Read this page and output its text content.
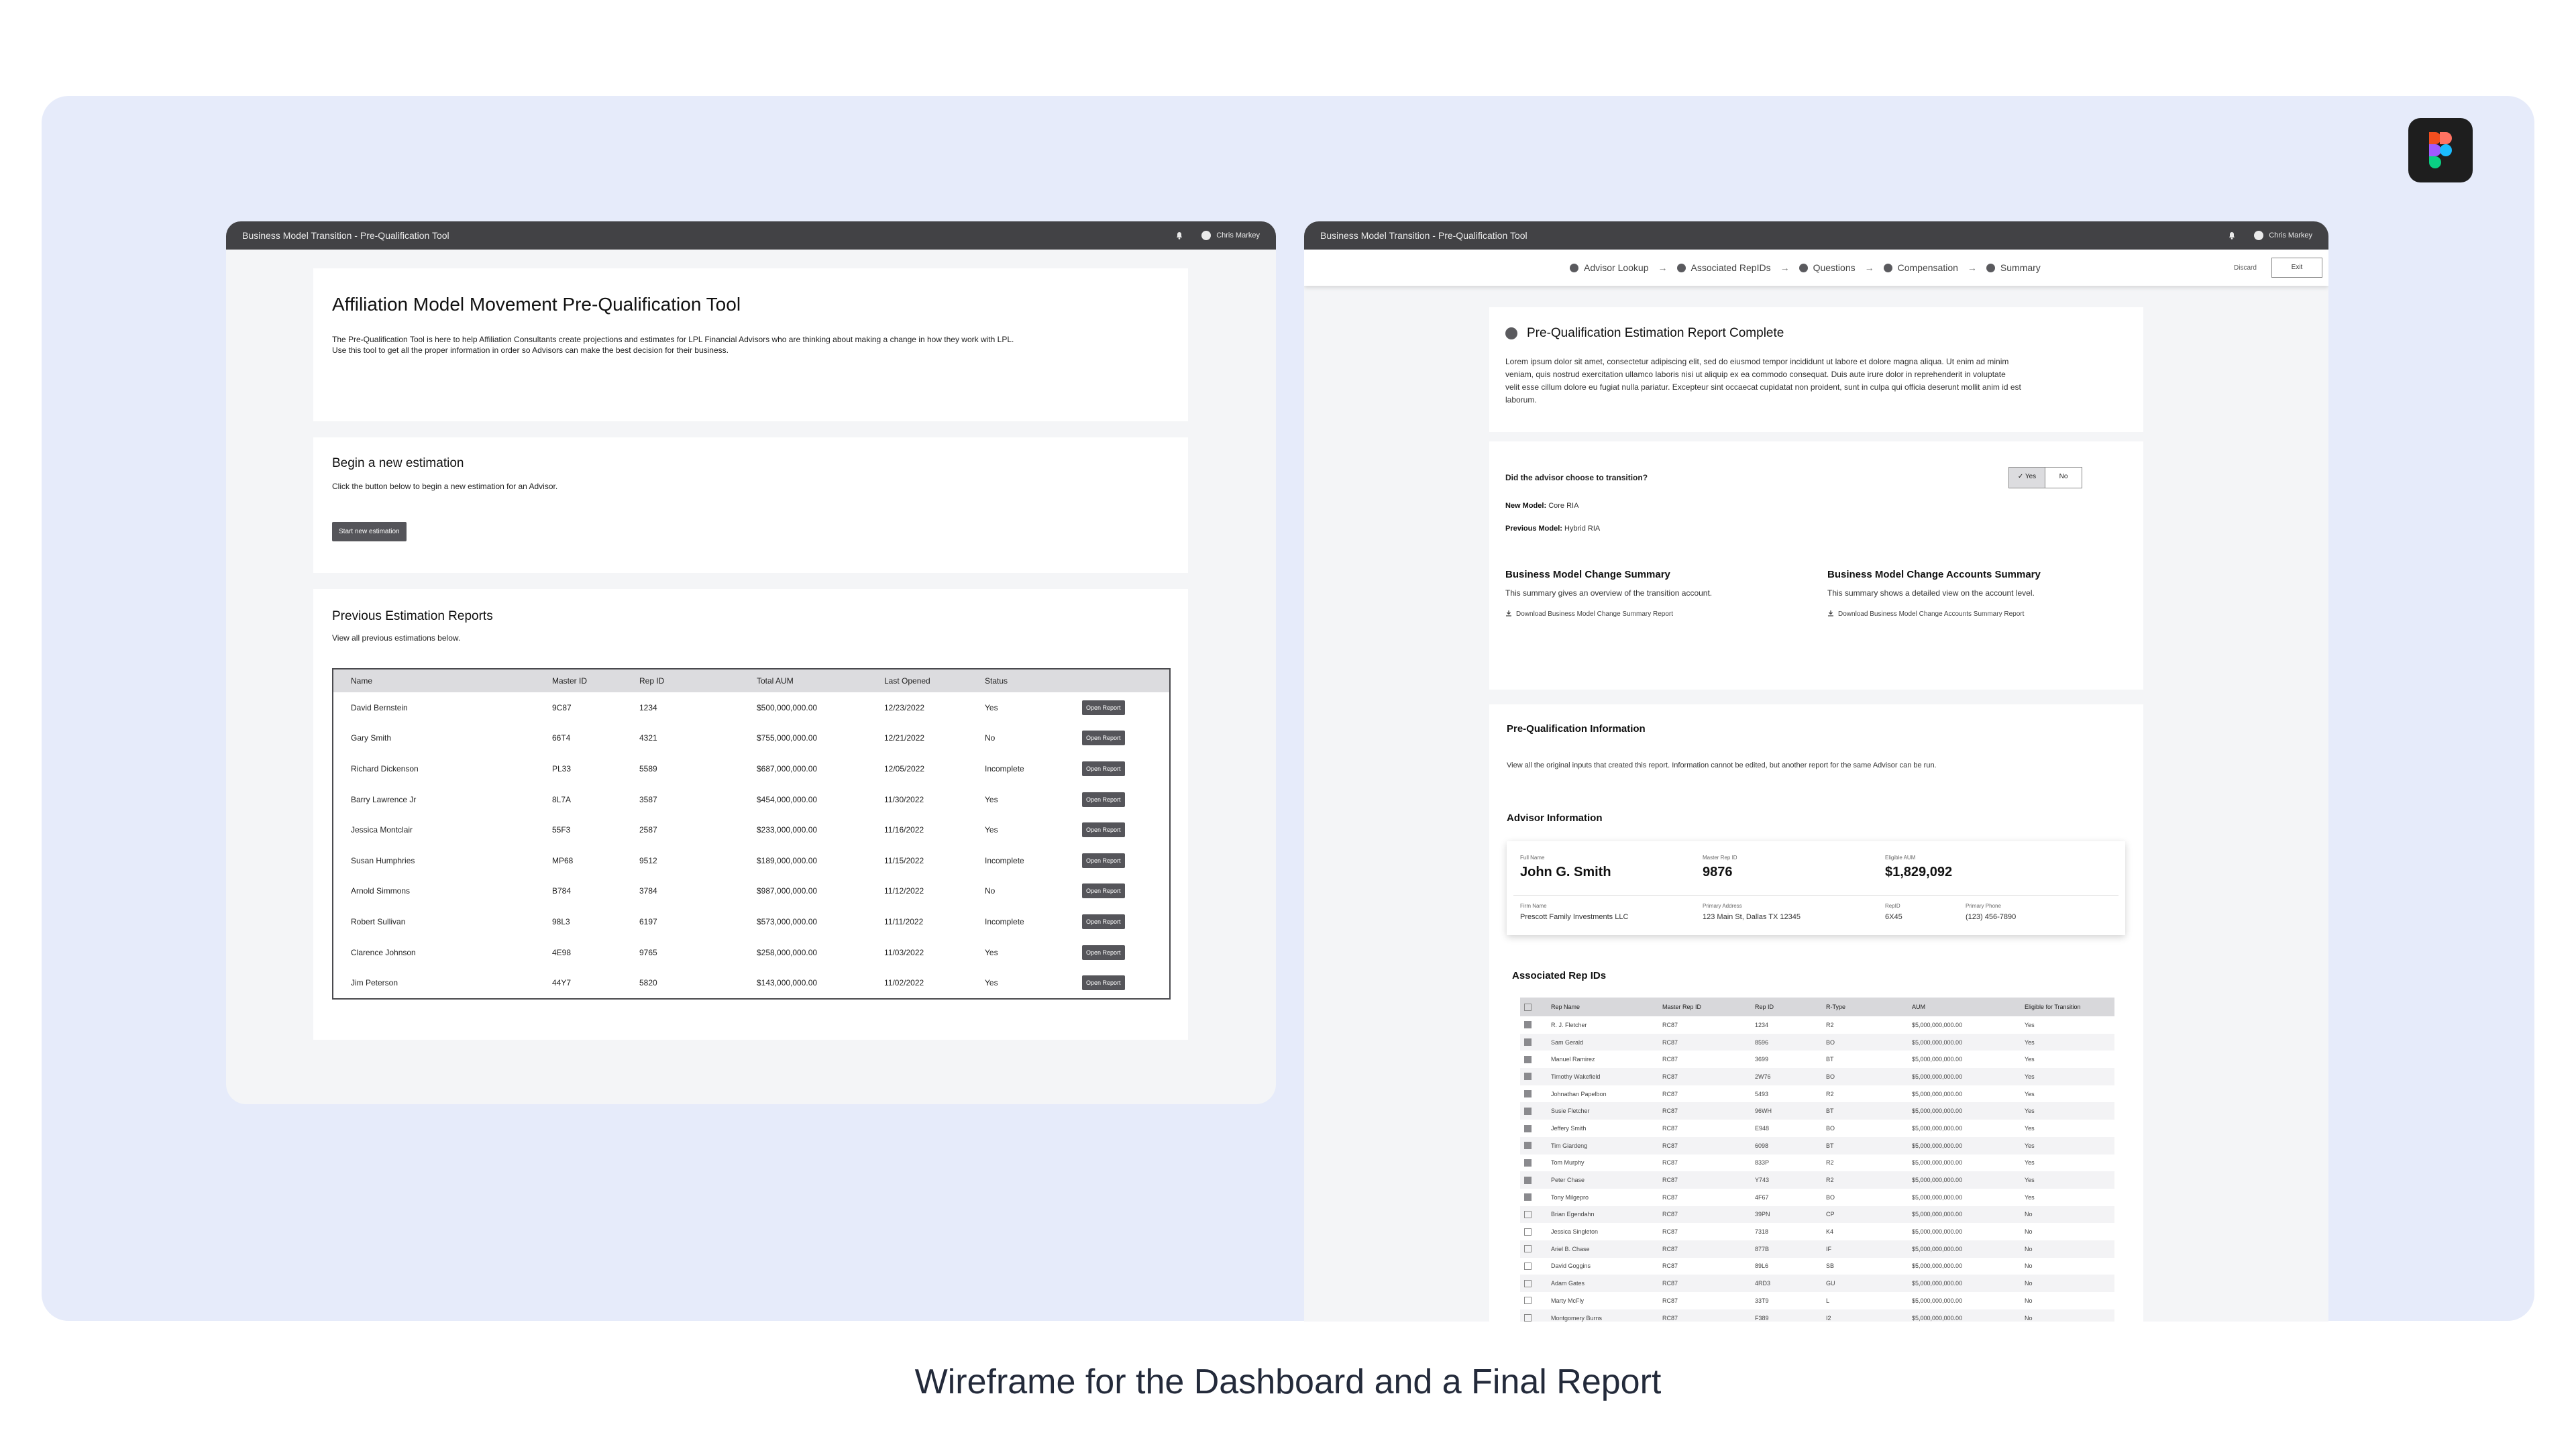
Business Model Transition - Pre-Qualification Tool	Chris Markey
Affiliation Model Movement Pre-Qualification Tool

The Pre-Qualification Tool is here to help Affiliation Consultants create projections and estimates for LPL Financial Advisors who are thinking about making a change in how they work with LPL. Use this tool to get all the proper information in order so Advisors can make the best decision for their business.

Begin a new estimation

Click the button below to begin a new estimation for an Advisor.

Start new estimation
Previous Estimation Reports

View all previous estimations below.

Name	Master ID	Rep ID	Total AUM	Last Opened	Status	
David Bernstein	9C87	1234	$500,000,000.00	12/23/2022	Yes	Open Report
Gary Smith	66T4	4321	$755,000,000.00	12/21/2022	No	Open Report
Richard Dickenson	PL33	5589	$687,000,000.00	12/05/2022	Incomplete	Open Report
Barry Lawrence Jr	8L7A	3587	$454,000,000.00	11/30/2022	Yes	Open Report
Jessica Montclair	55F3	2587	$233,000,000.00	11/16/2022	Yes	Open Report
Susan Humphries	MP68	9512	$189,000,000.00	11/15/2022	Incomplete	Open Report
Arnold Simmons	B784	3784	$987,000,000.00	11/12/2022	No	Open Report
Robert Sullivan	98L3	6197	$573,000,000.00	11/11/2022	Incomplete	Open Report
Clarence Johnson	4E98	9765	$258,000,000.00	11/03/2022	Yes	Open Report
Jim Peterson	44Y7	5820	$143,000,000.00	11/02/2022	Yes	Open Report
Business Model Transition - Pre-Qualification Tool	Chris Markey
Advisor Lookup →	Associated RepIDs →	Questions →	Compensation →	Summary	Discard	Exit
Pre-Qualification Estimation Report Complete

Lorem ipsum dolor sit amet, consectetur adipiscing elit, sed do eiusmod tempor incididunt ut labore et dolore magna aliqua. Ut enim ad minim veniam, quis nostrud exercitation ullamco laboris nisi ut aliquip ex ea commodo consequat. Duis aute irure dolor in reprehenderit in voluptate velit esse cillum dolore eu fugiat nulla pariatur. Excepteur sint occaecat cupidatat non proident, sunt in culpa qui officia deserunt mollit anim id est laborum.

Did the advisor choose to transition?	✓ Yes	No
New Model: Core RIA
Previous Model: Hybrid RIA
Business Model Change Summary

This summary gives an overview of the transition account.

Download Business Model Change Summary Report
Business Model Change Accounts Summary

This summary shows a detailed view on the account level.

Download Business Model Change Accounts Summary Report
Pre-Qualification Information

View all the original inputs that created this report. Information cannot be edited, but another report for the same Advisor can be run.

Advisor Information
Full Name
John G. Smith
Master Rep ID
9876
Eligible AUM
$1,829,092
Firm Name
Prescott Family Investments LLC
Primary Address
123 Main St, Dallas TX 12345
RepID
6X45
Primary Phone
(123) 456-7890
Associated Rep IDs
	Rep Name	Master Rep ID	Rep ID	R-Type	AUM	Eligible for Transition
	R. J. Fletcher	RC87	1234	R2	$5,000,000,000.00	Yes
	Sam Gerald	RC87	8596	BO	$5,000,000,000.00	Yes
	Manuel Ramirez	RC87	3699	BT	$5,000,000,000.00	Yes
	Timothy Wakefield	RC87	2W76	BO	$5,000,000,000.00	Yes
	Johnathan Papelbon	RC87	5493	R2	$5,000,000,000.00	Yes
	Susie Fletcher	RC87	96WH	BT	$5,000,000,000.00	Yes
	Jeffery Smith	RC87	E948	BO	$5,000,000,000.00	Yes
	Tim Giardeng	RC87	6098	BT	$5,000,000,000.00	Yes
	Tom Murphy	RC87	833P	R2	$5,000,000,000.00	Yes
	Peter Chase	RC87	Y743	R2	$5,000,000,000.00	Yes
	Tony Milgepro	RC87	4F67	BO	$5,000,000,000.00	Yes
	Brian Egendahn	RC87	39PN	CP	$5,000,000,000.00	No
	Jessica Singleton	RC87	7318	K4	$5,000,000,000.00	No
	Ariel B. Chase	RC87	877B	IF	$5,000,000,000.00	No
	David Goggins	RC87	89L6	SB	$5,000,000,000.00	No
	Adam Gates	RC87	4RD3	GU	$5,000,000,000.00	No
	Marty McFly	RC87	33T9	L	$5,000,000,000.00	No
	Montgomery Burns	RC87	F389	I2	$5,000,000,000.00	No
Wireframe for the Dashboard and a Final Report
